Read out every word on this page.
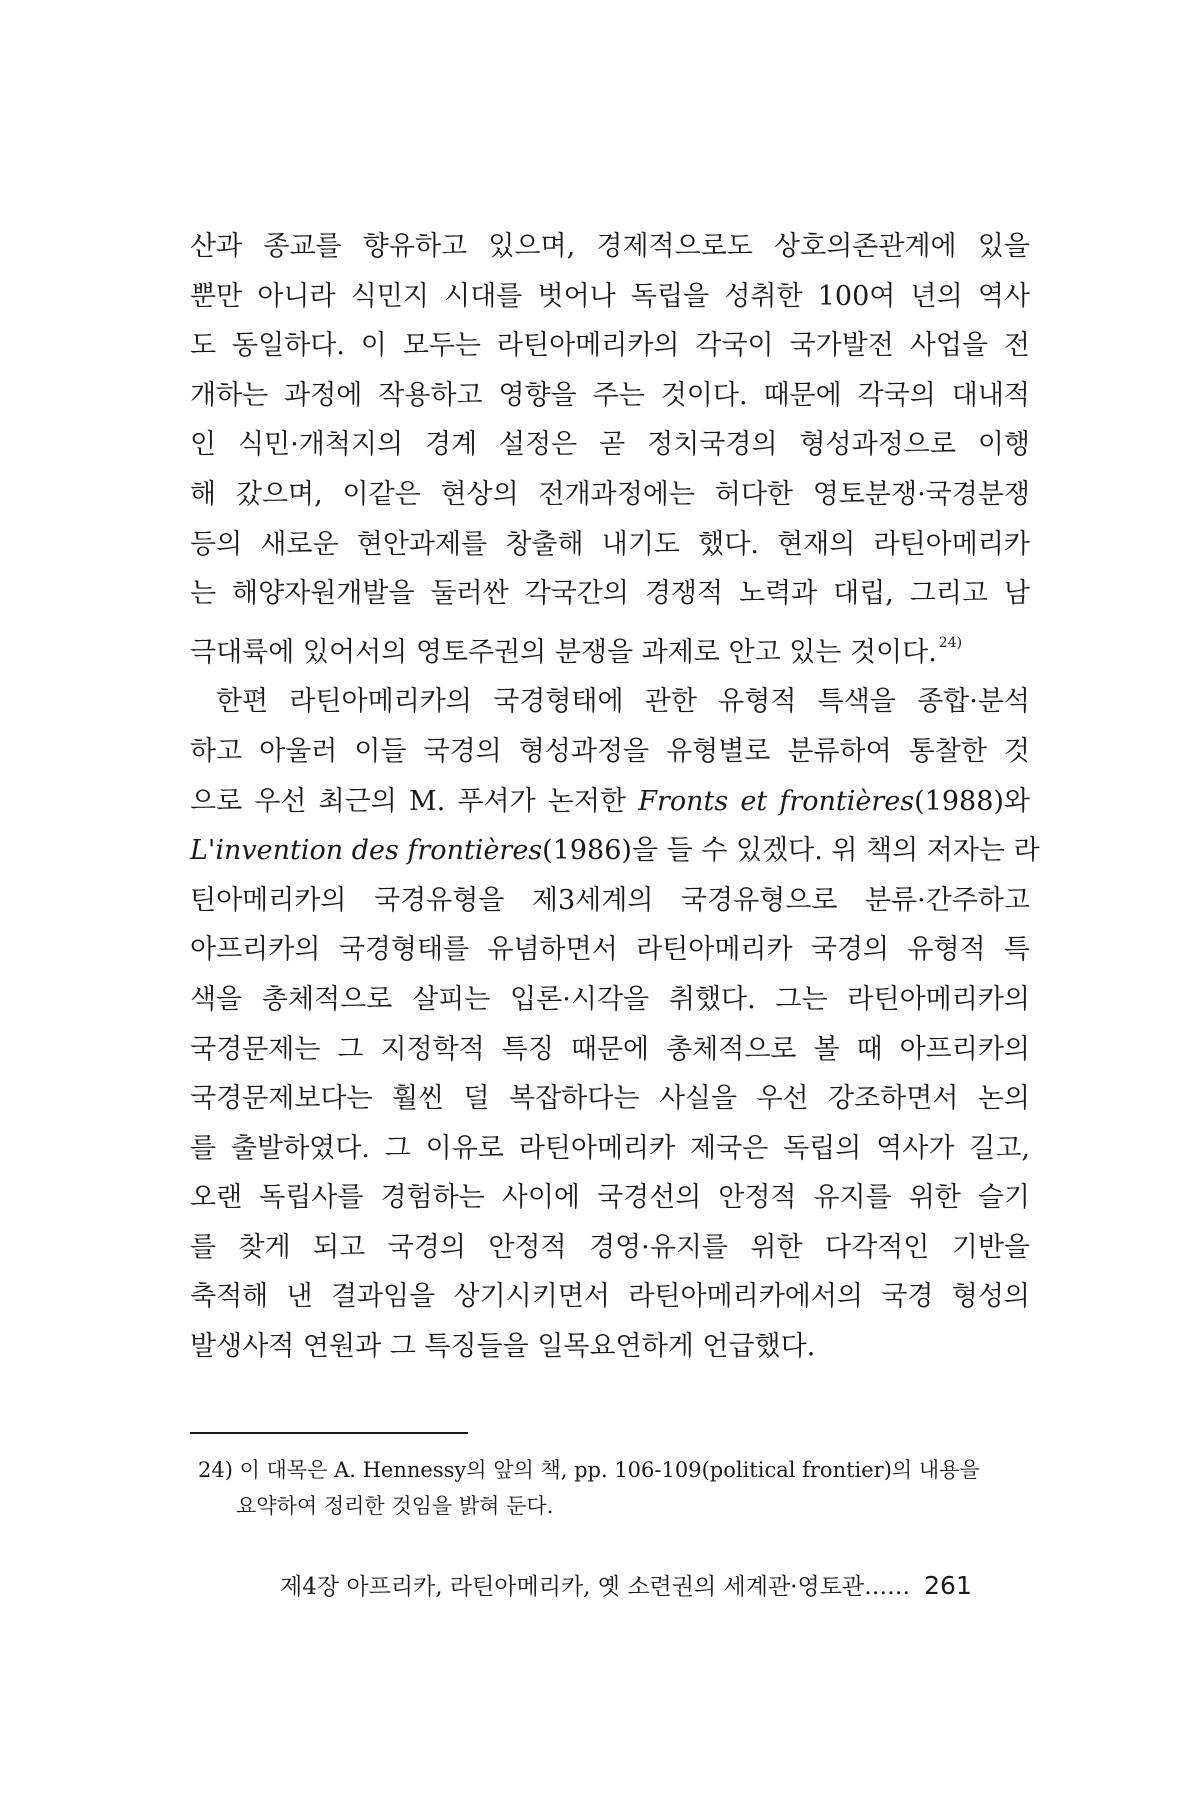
산과 종교를 향유하고 있으며, 경제적으로도 상호의존관계에 있을
뿐만 아니라 식민지 시대를 벗어나 독립을 성취한 100여 년의 역사
도 동일하다. 이 모두는 라틴아메리카의 각국이 국가발전 사업을 전
개하는 과정에 작용하고 영향을 주는 것이다. 때문에 각국의 대내적
인 식민·개척지의 경계 설정은 곧 정치국경의 형성과정으로 이행
해 갔으며, 이같은 현상의 전개과정에는 허다한 영토분쟁·국경분쟁
등의 새로운 현안과제를 창출해 내기도 했다. 현재의 라틴아메리카
는 해양자원개발을 둘러싼 각국간의 경쟁적 노력과 대립, 그리고 남
극대륙에 있어서의 영토주권의 분쟁을 과제로 안고 있는 것이다. $^{24)}$
한편 라틴아메리카의 국경형태에 관한 유형적 특색을 종합·분석
하고 아울러 이들 국경의 형성과정을 유형별로 분류하여 통찰한 것
으로 우선 최근의 M. 푸셔가 논저한 Fronts et frontières(1988)와
L'invention des frontières(1986)을 들 수 있겠다. 위 책의 저자는 라
틴아메리카의 국경유형을 제3세계의 국경유형으로 분류·간주하고
아프리카의 국경형태를 유념하면서 라틴아메리카 국경의 유형적 특
색을 총체적으로 살피는 입론·시각을 취했다. 그는 라틴아메리카의
국경문제는 그 지정학적 특징 때문에 총체적으로 볼 때 아프리카의
국경문제보다는 훨씬 덜 복잡하다는 사실을 우선 강조하면서 논의
를 출발하였다. 그 이유로 라틴아메리카 제국은 독립의 역사가 길고,
오랜 독립사를 경험하는 사이에 국경선의 안정적 유지를 위한 슬기
를 찾게 되고 국경의 안정적 경영·유지를 위한 다각적인 기반을
축적해 낸 결과임을 상기시키면서 라틴아메리카에서의 국경 형성의
발생사적 연원과 그 특징들을 일목요연하게 언급했다.
24) 이 대목은 A. Hennessy의 앞의 책, pp. 106-109(political frontier)의 내용을
요약하여 정리한 것임을 밝혀 둔다.
제4장 아프리카, 라틴아메리카, 옛 소련권의 세계관·영토관…… 261
